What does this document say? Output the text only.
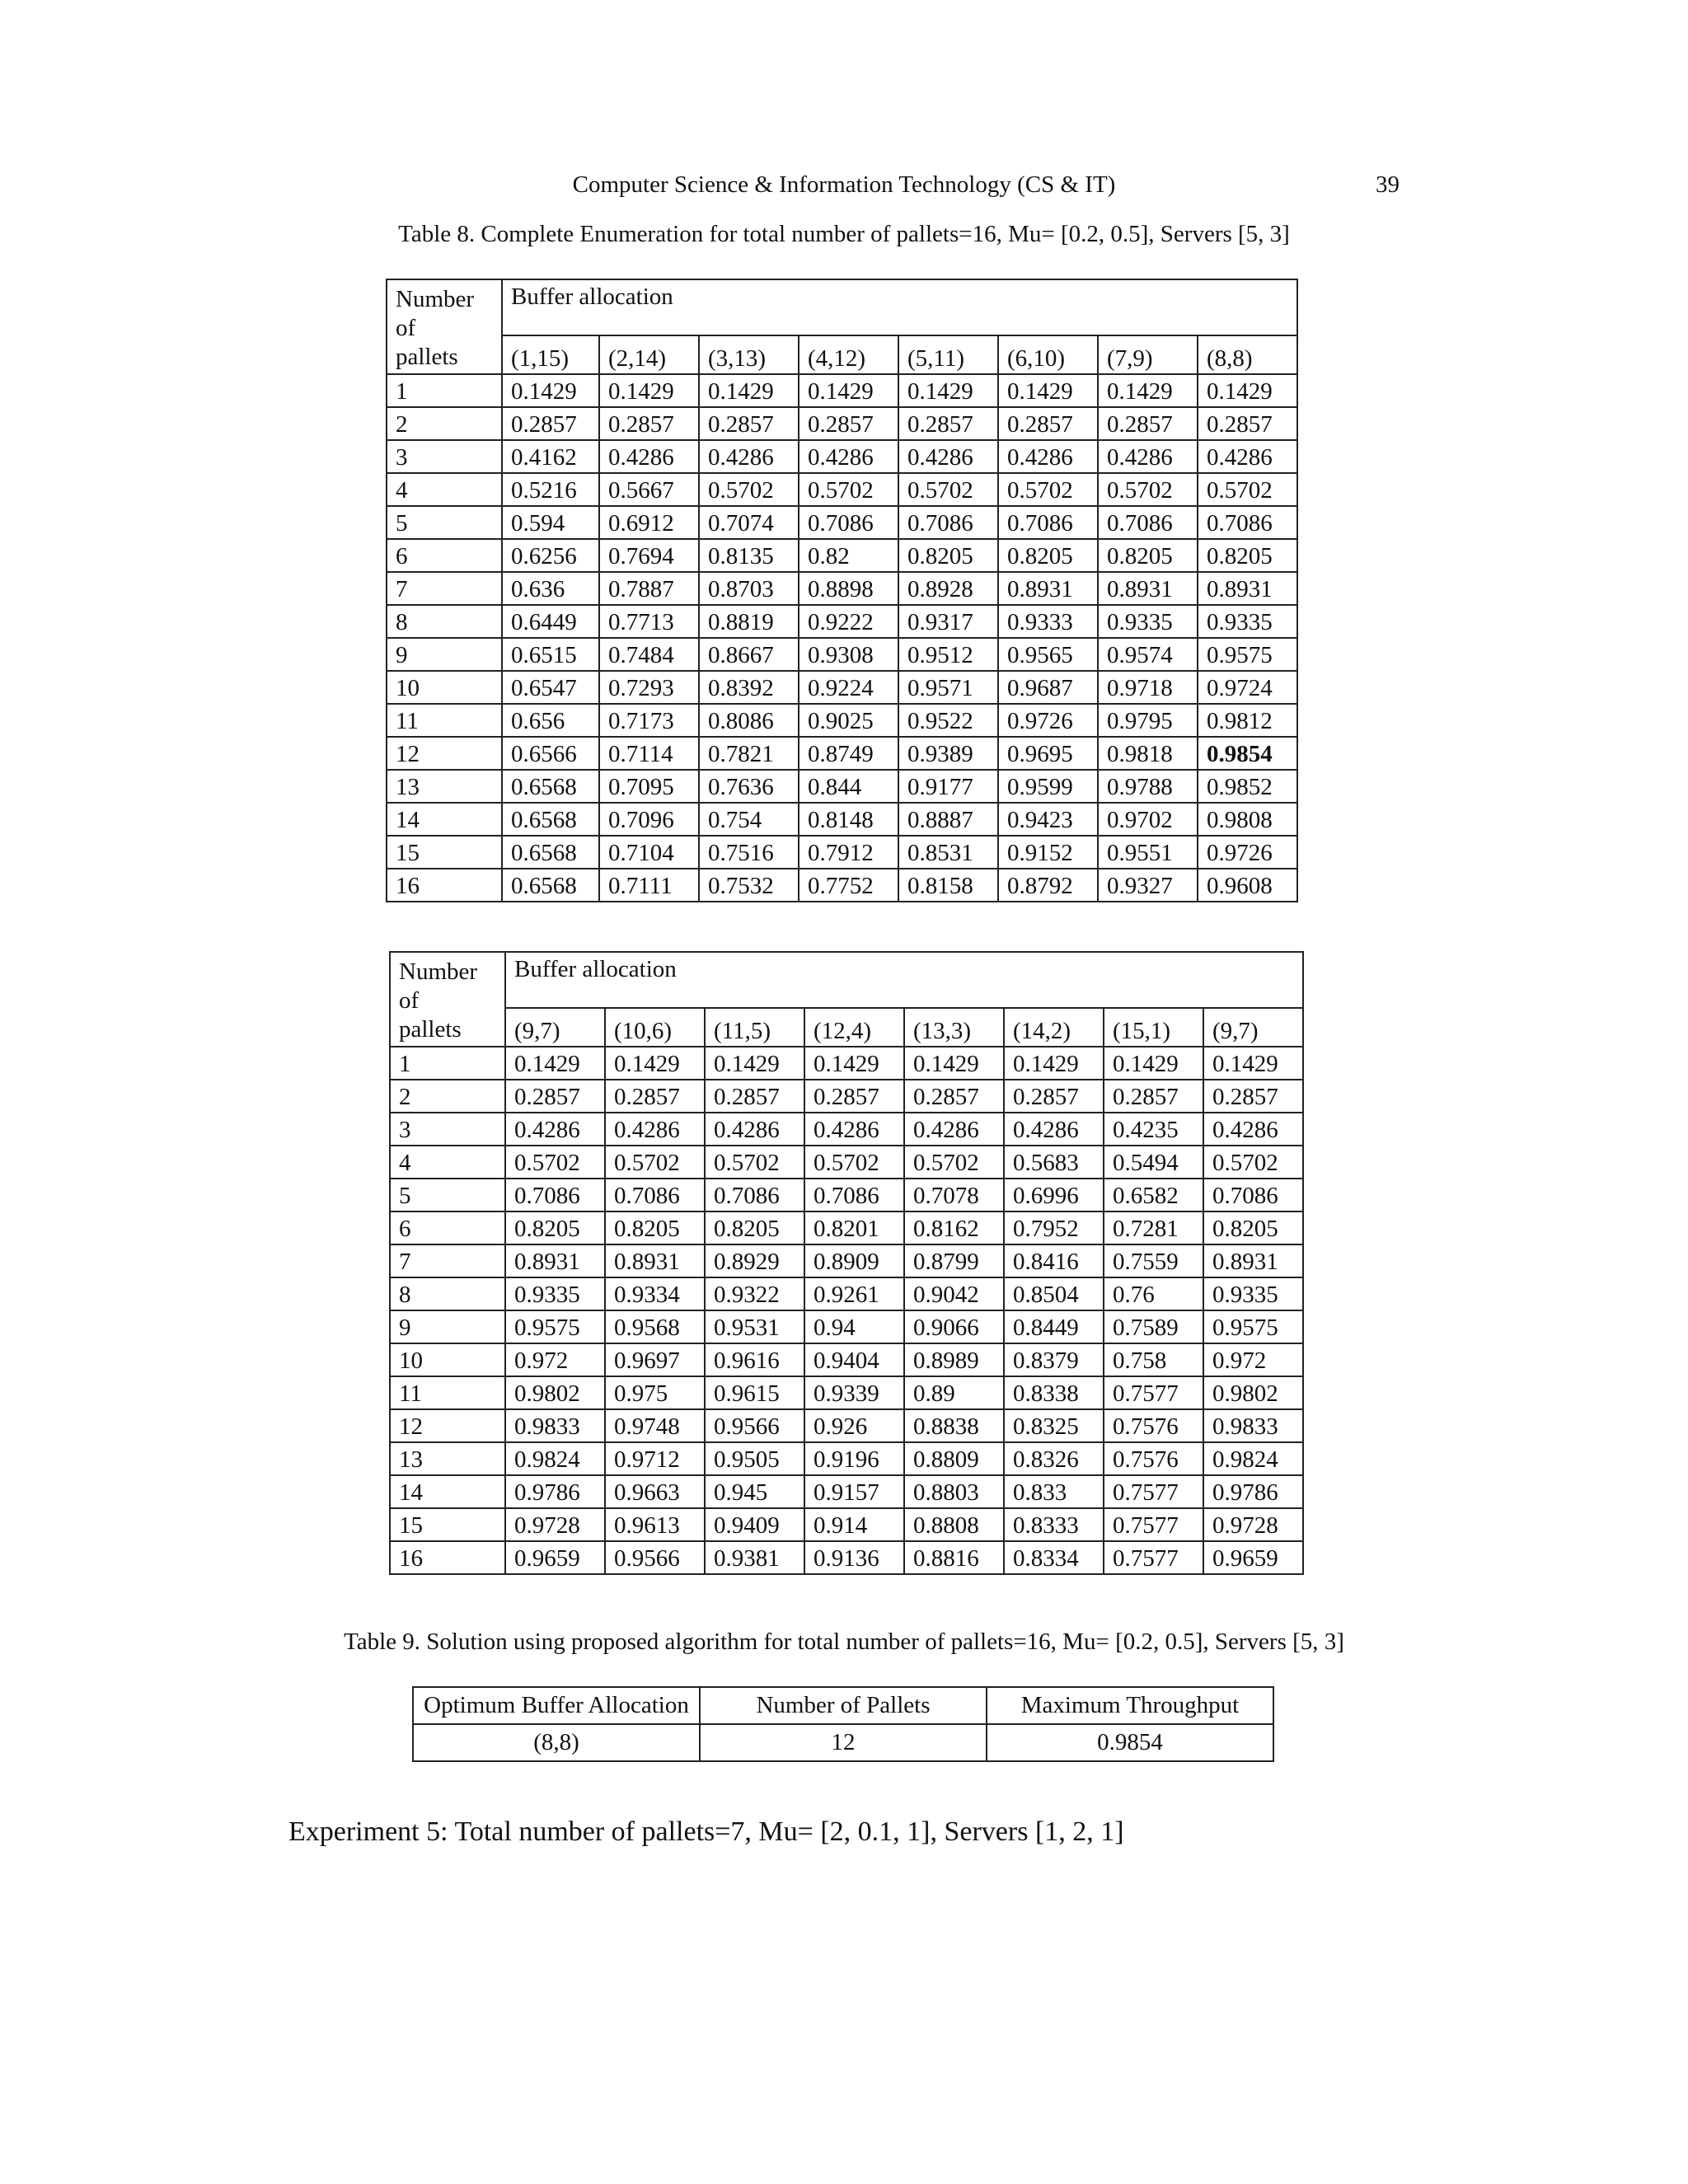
Computer Science & Information Technology (CS & IT)	39
Table 8. Complete Enumeration for total number of pallets=16, Mu= [0.2, 0.5], Servers [5, 3]
Number
of
pallets	Buffer allocation							
	(1,15)	(2,14)	(3,13)	(4,12)	(5,11)	(6,10)	(7,9)	(8,8)
1	0.1429	0.1429	0.1429	0.1429	0.1429	0.1429	0.1429	0.1429
2	0.2857	0.2857	0.2857	0.2857	0.2857	0.2857	0.2857	0.2857
3	0.4162	0.4286	0.4286	0.4286	0.4286	0.4286	0.4286	0.4286
4	0.5216	0.5667	0.5702	0.5702	0.5702	0.5702	0.5702	0.5702
5	0.594	0.6912	0.7074	0.7086	0.7086	0.7086	0.7086	0.7086
6	0.6256	0.7694	0.8135	0.82	0.8205	0.8205	0.8205	0.8205
7	0.636	0.7887	0.8703	0.8898	0.8928	0.8931	0.8931	0.8931
8	0.6449	0.7713	0.8819	0.9222	0.9317	0.9333	0.9335	0.9335
9	0.6515	0.7484	0.8667	0.9308	0.9512	0.9565	0.9574	0.9575
10	0.6547	0.7293	0.8392	0.9224	0.9571	0.9687	0.9718	0.9724
11	0.656	0.7173	0.8086	0.9025	0.9522	0.9726	0.9795	0.9812
12	0.6566	0.7114	0.7821	0.8749	0.9389	0.9695	0.9818	0.9854
13	0.6568	0.7095	0.7636	0.844	0.9177	0.9599	0.9788	0.9852
14	0.6568	0.7096	0.754	0.8148	0.8887	0.9423	0.9702	0.9808
15	0.6568	0.7104	0.7516	0.7912	0.8531	0.9152	0.9551	0.9726
16	0.6568	0.7111	0.7532	0.7752	0.8158	0.8792	0.9327	0.9608
Number
of
pallets	Buffer allocation							
	(9,7)	(10,6)	(11,5)	(12,4)	(13,3)	(14,2)	(15,1)	(9,7)
1	0.1429	0.1429	0.1429	0.1429	0.1429	0.1429	0.1429	0.1429
2	0.2857	0.2857	0.2857	0.2857	0.2857	0.2857	0.2857	0.2857
3	0.4286	0.4286	0.4286	0.4286	0.4286	0.4286	0.4235	0.4286
4	0.5702	0.5702	0.5702	0.5702	0.5702	0.5683	0.5494	0.5702
5	0.7086	0.7086	0.7086	0.7086	0.7078	0.6996	0.6582	0.7086
6	0.8205	0.8205	0.8205	0.8201	0.8162	0.7952	0.7281	0.8205
7	0.8931	0.8931	0.8929	0.8909	0.8799	0.8416	0.7559	0.8931
8	0.9335	0.9334	0.9322	0.9261	0.9042	0.8504	0.76	0.9335
9	0.9575	0.9568	0.9531	0.94	0.9066	0.8449	0.7589	0.9575
10	0.972	0.9697	0.9616	0.9404	0.8989	0.8379	0.758	0.972
11	0.9802	0.975	0.9615	0.9339	0.89	0.8338	0.7577	0.9802
12	0.9833	0.9748	0.9566	0.926	0.8838	0.8325	0.7576	0.9833
13	0.9824	0.9712	0.9505	0.9196	0.8809	0.8326	0.7576	0.9824
14	0.9786	0.9663	0.945	0.9157	0.8803	0.833	0.7577	0.9786
15	0.9728	0.9613	0.9409	0.914	0.8808	0.8333	0.7577	0.9728
16	0.9659	0.9566	0.9381	0.9136	0.8816	0.8334	0.7577	0.9659
Table 9. Solution using proposed algorithm for total number of pallets=16, Mu= [0.2, 0.5], Servers [5, 3]
Optimum Buffer Allocation	Number of Pallets	Maximum Throughput
(8,8)	12	0.9854
Experiment 5: Total number of pallets=7, Mu= [2, 0.1, 1], Servers [1, 2, 1]
